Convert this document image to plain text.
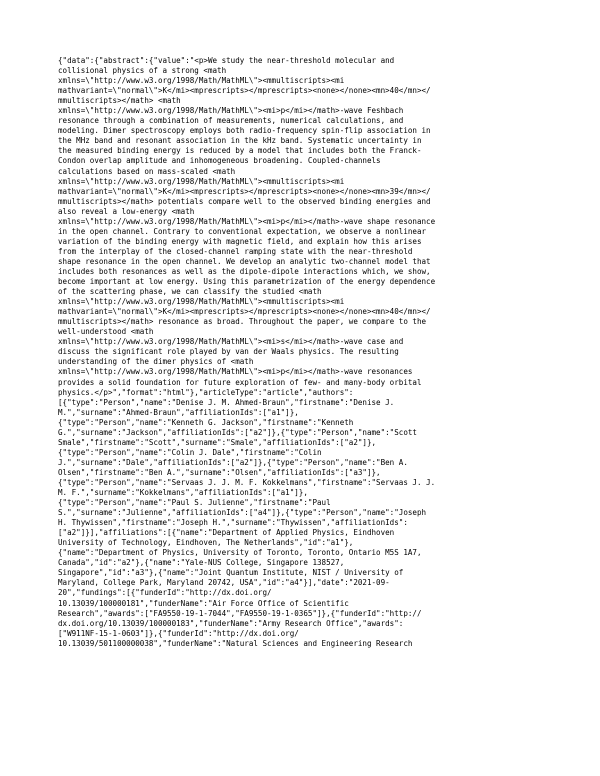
{"data":{"abstract":{"value":"<p>We study the near-threshold molecular and
collisional physics of a strong <math
xmlns=\"http://www.w3.org/1998/Math/MathML\"><mmultiscripts><mi
mathvariant=\"normal\">K</mi><mprescripts></mprescripts><none></none><mn>40</mn></
mmultiscripts></math> <math
xmlns=\"http://www.w3.org/1998/Math/MathML\"><mi>p</mi></math>-wave Feshbach
resonance through a combination of measurements, numerical calculations, and
modeling. Dimer spectroscopy employs both radio-frequency spin-flip association in
the MHz band and resonant association in the kHz band. Systematic uncertainty in
the measured binding energy is reduced by a model that includes both the Franck-
Condon overlap amplitude and inhomogeneous broadening. Coupled-channels
calculations based on mass-scaled <math
xmlns=\"http://www.w3.org/1998/Math/MathML\"><mmultiscripts><mi
mathvariant=\"normal\">K</mi><mprescripts></mprescripts><none></none><mn>39</mn></
mmultiscripts></math> potentials compare well to the observed binding energies and
also reveal a low-energy <math
xmlns=\"http://www.w3.org/1998/Math/MathML\"><mi>p</mi></math>-wave shape resonance
in the open channel. Contrary to conventional expectation, we observe a nonlinear
variation of the binding energy with magnetic field, and explain how this arises
from the interplay of the closed-channel ramping state with the near-threshold
shape resonance in the open channel. We develop an analytic two-channel model that
includes both resonances as well as the dipole-dipole interactions which, we show,
become important at low energy. Using this parametrization of the energy dependence
of the scattering phase, we can classify the studied <math
xmlns=\"http://www.w3.org/1998/Math/MathML\"><mmultiscripts><mi
mathvariant=\"normal\">K</mi><mprescripts></mprescripts><none></none><mn>40</mn></
mmultiscripts></math> resonance as broad. Throughout the paper, we compare to the
well-understood <math
xmlns=\"http://www.w3.org/1998/Math/MathML\"><mi>s</mi></math>-wave case and
discuss the significant role played by van der Waals physics. The resulting
understanding of the dimer physics of <math
xmlns=\"http://www.w3.org/1998/Math/MathML\"><mi>p</mi></math>-wave resonances
provides a solid foundation for future exploration of few- and many-body orbital
physics.</p>","format":"html"},"articleType":"article","authors":
[{"type":"Person","name":"Denise J. M. Ahmed-Braun","firstname":"Denise J.
M.","surname":"Ahmed-Braun","affiliationIds":["a1"]},
{"type":"Person","name":"Kenneth G. Jackson","firstname":"Kenneth
G.","surname":"Jackson","affiliationIds":["a2"]},{"type":"Person","name":"Scott
Smale","firstname":"Scott","surname":"Smale","affiliationIds":["a2"]},
{"type":"Person","name":"Colin J. Dale","firstname":"Colin
J.","surname":"Dale","affiliationIds":["a2"]},{"type":"Person","name":"Ben A.
Olsen","firstname":"Ben A.","surname":"Olsen","affiliationIds":["a3"]},
{"type":"Person","name":"Servaas J. J. M. F. Kokkelmans","firstname":"Servaas J. J.
M. F.","surname":"Kokkelmans","affiliationIds":["a1"]},
{"type":"Person","name":"Paul S. Julienne","firstname":"Paul
S.","surname":"Julienne","affiliationIds":["a4"]},{"type":"Person","name":"Joseph
H. Thywissen","firstname":"Joseph H.","surname":"Thywissen","affiliationIds":
["a2"]}],"affiliations":[{"name":"Department of Applied Physics, Eindhoven
University of Technology, Eindhoven, The Netherlands","id":"a1"},
{"name":"Department of Physics, University of Toronto, Toronto, Ontario M5S 1A7,
Canada","id":"a2"},{"name":"Yale-NUS College, Singapore 138527,
Singapore","id":"a3"},{"name":"Joint Quantum Institute, NIST / University of
Maryland, College Park, Maryland 20742, USA","id":"a4"}],"date":"2021-09-
20","fundings":[{"funderId":"http://dx.doi.org/
10.13039/100000181","funderName":"Air Force Office of Scientific
Research","awards":["FA9550-19-1-7044","FA9550-19-1-0365"]},{"funderId":"http://
dx.doi.org/10.13039/100000183","funderName":"Army Research Office","awards":
["W911NF-15-1-0603"]},{"funderId":"http://dx.doi.org/
10.13039/501100000038","funderName":"Natural Sciences and Engineering Research
